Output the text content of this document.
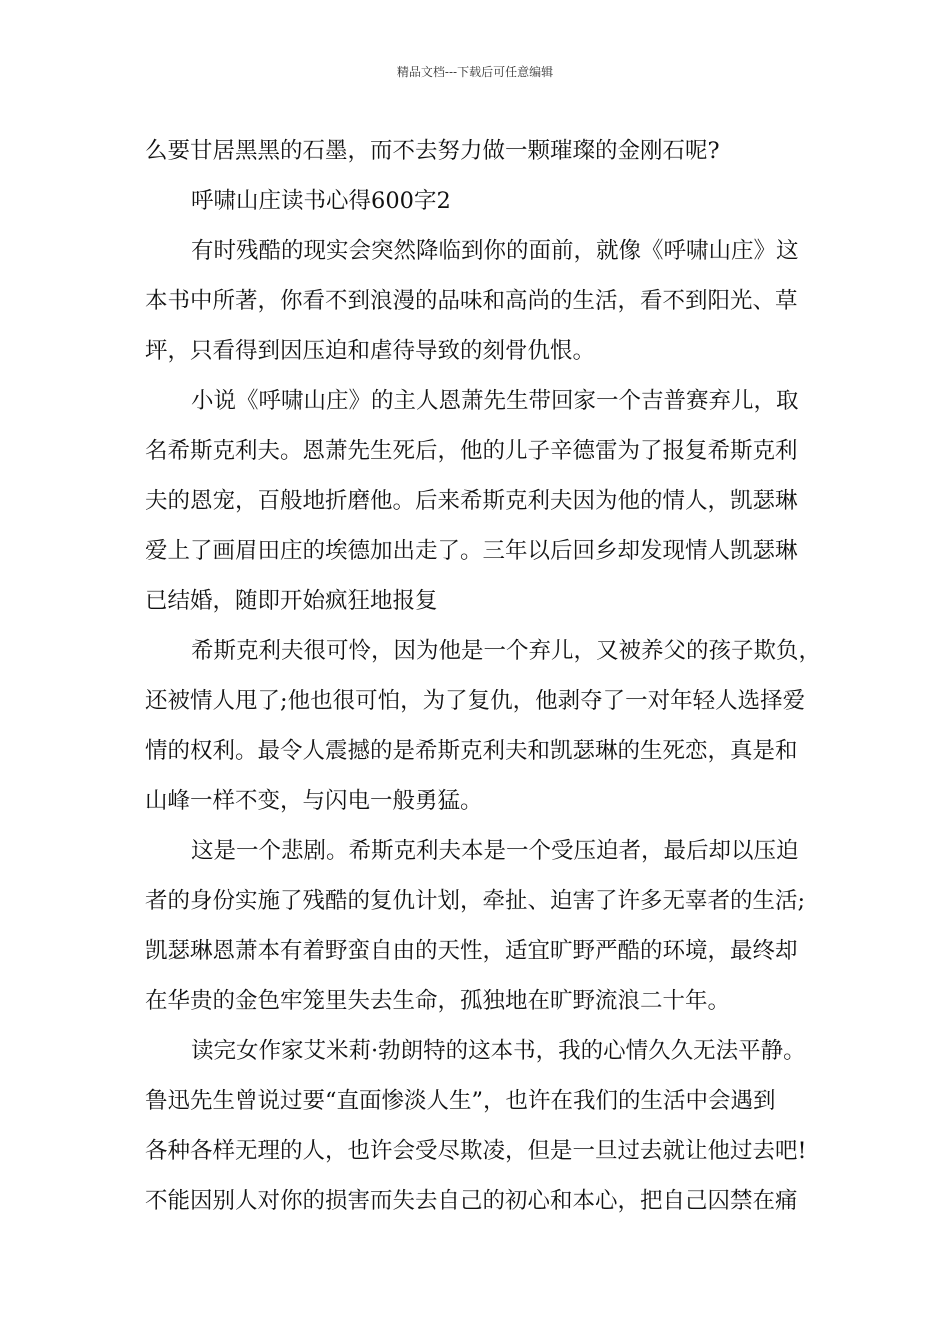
精品文档---下载后可任意编辑
么要甘居黑黑的石墨，而不去努力做一颗璀璨的金刚石呢?
呼啸山庄读书心得600字2
有时残酷的现实会突然降临到你的面前，就像《呼啸山庄》这
本书中所著，你看不到浪漫的品味和高尚的生活，看不到阳光、草
坪，只看得到因压迫和虐待导致的刻骨仇恨。
小说《呼啸山庄》的主人恩萧先生带回家一个吉普赛弃儿，取
名希斯克利夫。恩萧先生死后，他的儿子辛德雷为了报复希斯克利
夫的恩宠，百般地折磨他。后来希斯克利夫因为他的情人，凯瑟琳
爱上了画眉田庄的埃德加出走了。三年以后回乡却发现情人凯瑟琳
已结婚，随即开始疯狂地报复
希斯克利夫很可怜，因为他是一个弃儿，又被养父的孩子欺负，
还被情人甩了;他也很可怕，为了复仇，他剥夺了一对年轻人选择爱
情的权利。最令人震撼的是希斯克利夫和凯瑟琳的生死恋，真是和
山峰一样不变，与闪电一般勇猛。
这是一个悲剧。希斯克利夫本是一个受压迫者，最后却以压迫
者的身份实施了残酷的复仇计划，牵扯、迫害了许多无辜者的生活;
凯瑟琳恩萧本有着野蛮自由的天性，适宜旷野严酷的环境，最终却
在华贵的金色牢笼里失去生命，孤独地在旷野流浪二十年。
读完女作家艾米莉·勃朗特的这本书，我的心情久久无法平静。
鲁迅先生曾说过要“直面惨淡人生”，也许在我们的生活中会遇到
各种各样无理的人，也许会受尽欺凌，但是一旦过去就让他过去吧!
不能因别人对你的损害而失去自己的初心和本心，把自己囚禁在痛
